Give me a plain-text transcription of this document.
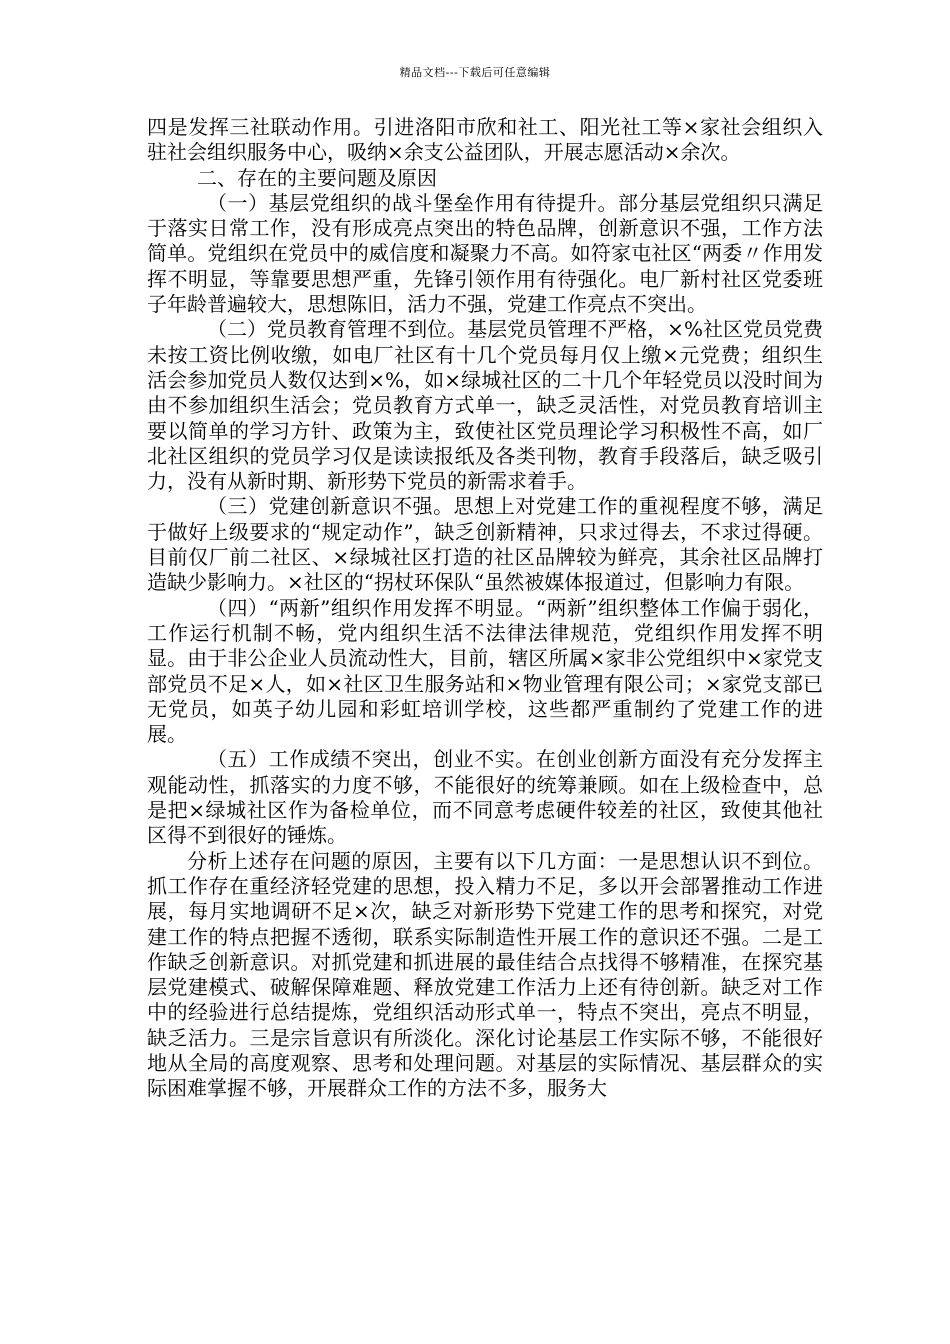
精品文档---下载后可任意编辑

四是发挥三社联动作用。引进洛阳市欣和社工、阳光社工等×家社会组织入驻社会组织服务中心，吸纳×余支公益团队，开展志愿活动×余次。

二、存在的主要问题及原因

（一）基层党组织的战斗堡垒作用有待提升。部分基层党组织只满足于落实日常工作，没有形成亮点突出的特色品牌，创新意识不强，工作方法简单。党组织在党员中的威信度和凝聚力不高。如符家屯社区“两委〃作用发挥不明显，等靠要思想严重，先锋引领作用有待强化。电厂新村社区党委班子年龄普遍较大，思想陈旧，活力不强，党建工作亮点不突出。

（二）党员教育管理不到位。基层党员管理不严格，×%社区党员党费未按工资比例收缴，如电厂社区有十几个党员每月仅上缴×元党费；组织生活会参加党员人数仅达到×%，如×绿城社区的二十几个年轻党员以没时间为由不参加组织生活会；党员教育方式单一，缺乏灵活性，对党员教育培训主要以简单的学习方针、政策为主，致使社区党员理论学习积极性不高，如厂北社区组织的党员学习仅是读读报纸及各类刊物，教育手段落后，缺乏吸引力，没有从新时期、新形势下党员的新需求着手。

（三）党建创新意识不强。思想上对党建工作的重视程度不够，满足于做好上级要求的“规定动作”，缺乏创新精神，只求过得去，不求过得硬。目前仅厂前二社区、×绿城社区打造的社区品牌较为鲜亮，其余社区品牌打造缺少影响力。×社区的“拐杖环保队“虽然被媒体报道过，但影响力有限。

（四）“两新”组织作用发挥不明显。“两新”组织整体工作偏于弱化，工作运行机制不畅，党内组织生活不法律法律规范，党组织作用发挥不明显。由于非公企业人员流动性大，目前，辖区所属×家非公党组织中×家党支部党员不足×人，如×社区卫生服务站和×物业管理有限公司；×家党支部已无党员，如英子幼儿园和彩虹培训学校，这些都严重制约了党建工作的进展。

（五）工作成绩不突出，创业不实。在创业创新方面没有充分发挥主观能动性，抓落实的力度不够，不能很好的统筹兼顾。如在上级检查中，总是把×绿城社区作为备检单位，而不同意考虑硬件较差的社区，致使其他社区得不到很好的锤炼。

分析上述存在问题的原因，主要有以下几方面：一是思想认识不到位。抓工作存在重经济轻党建的思想，投入精力不足，多以开会部署推动工作进展，每月实地调研不足×次，缺乏对新形势下党建工作的思考和探究，对党建工作的特点把握不透彻，联系实际制造性开展工作的意识还不强。二是工作缺乏创新意识。对抓党建和抓进展的最佳结合点找得不够精准，在探究基层党建模式、破解保障难题、释放党建工作活力上还有待创新。缺乏对工作中的经验进行总结提炼，党组织活动形式单一，特点不突出，亮点不明显，缺乏活力。三是宗旨意识有所淡化。深化讨论基层工作实际不够，不能很好地从全局的高度观察、思考和处理问题。对基层的实际情况、基层群众的实际困难掌握不够，开展群众工作的方法不多，服务大
